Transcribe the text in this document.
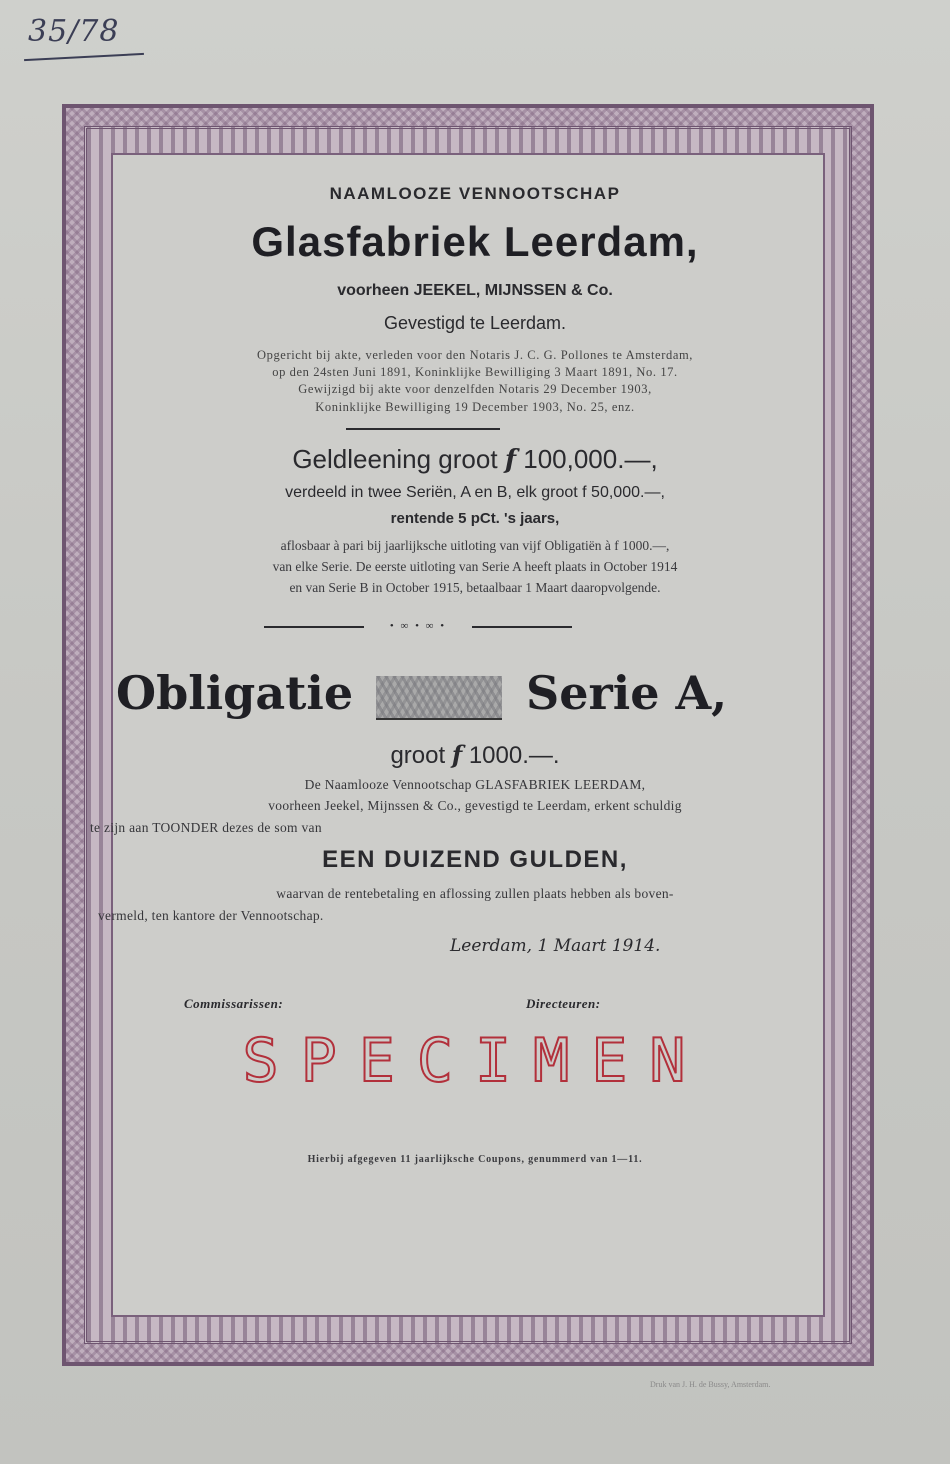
35/78
NAAMLOOZE VENNOOTSCHAP
Glasfabriek Leerdam,
voorheen JEEKEL, MIJNSSEN & Co.
Gevestigd te Leerdam.
Opgericht bij akte, verleden voor den Notaris J. C. G. Pollones te Amsterdam,
op den 24sten Juni 1891, Koninklijke Bewilliging 3 Maart 1891, No. 17.
Gewijzigd bij akte voor denzelfden Notaris 29 December 1903,
Koninklijke Bewilliging 19 December 1903, No. 25, enz.
Geldleening groot f 100,000.—,
verdeeld in twee Seriën, A en B, elk groot f 50,000.—,
rentende 5 pCt. 's jaars,
aflosbaar à pari bij jaarlijksche uitloting van vijf Obligatiën à f 1000.—,
van elke Serie. De eerste uitloting van Serie A heeft plaats in October 1914
en van Serie B in October 1915, betaalbaar 1 Maart daaropvolgende.
• ∞ • ∞ •
Obligatie	Serie A,
groot f 1000.—.
De Naamlooze Vennootschap GLASFABRIEK LEERDAM,
voorheen Jeekel, Mijnssen & Co., gevestigd te Leerdam, erkent schuldig
te zijn aan TOONDER dezes de som van
EEN DUIZEND GULDEN,
waarvan de rentebetaling en aflossing zullen plaats hebben als boven-
vermeld, ten kantore der Vennootschap.
Leerdam, 1 Maart 1914.
Commissarissen:	Directeuren:
SPECIMEN
Hierbij afgegeven 11 jaarlijksche Coupons, genummerd van 1—11.
Druk van J. H. de Bussy, Amsterdam.
